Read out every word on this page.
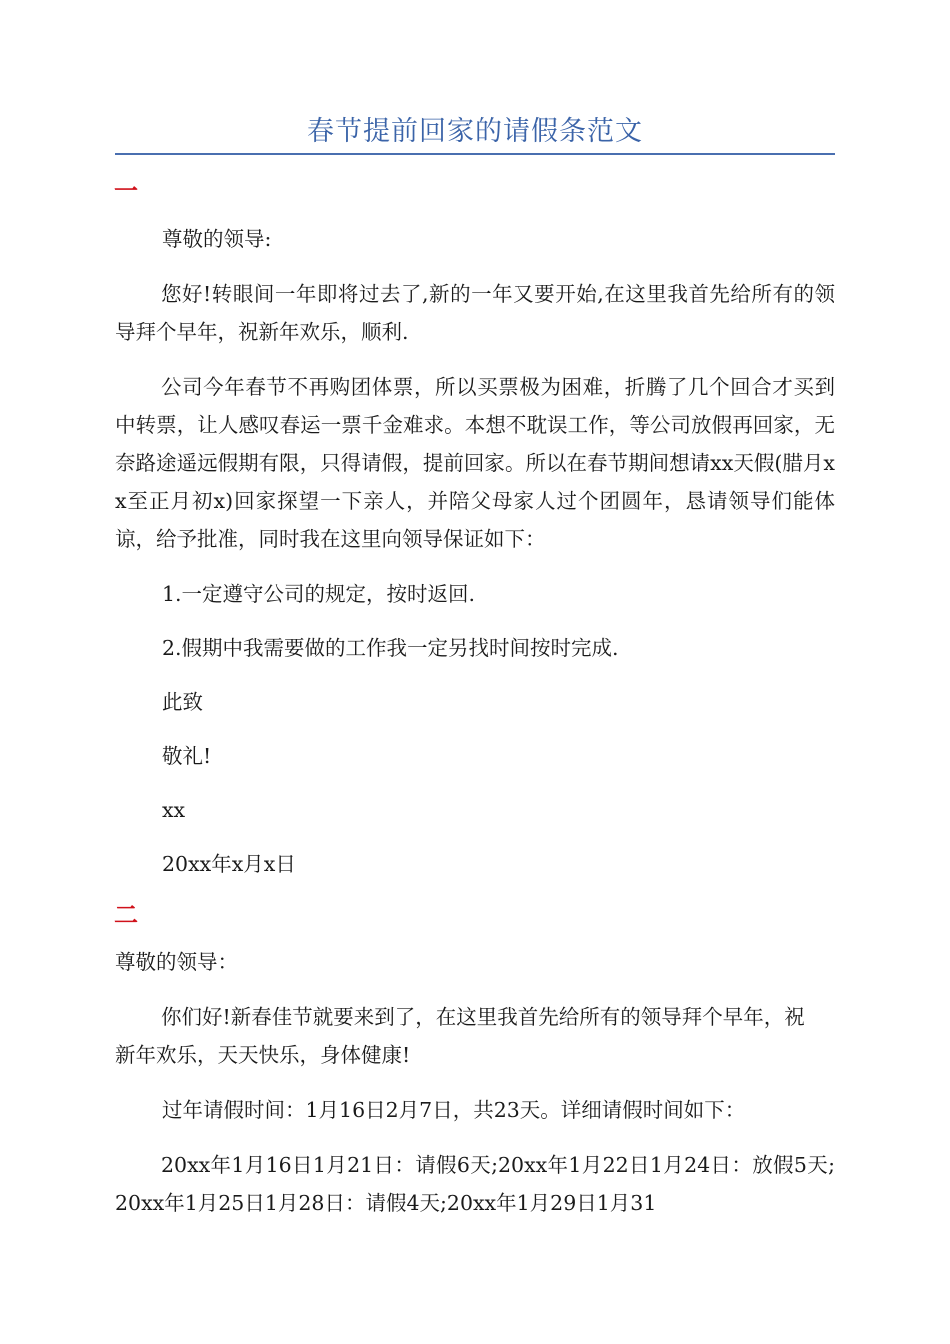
春节提前回家的请假条范文
一

尊敬的领导:

您好!转眼间一年即将过去了,新的一年又要开始,在这里我首先给所有的领导拜个早年，祝新年欢乐，顺利.

公司今年春节不再购团体票，所以买票极为困难，折腾了几个回合才买到中转票，让人感叹春运一票千金难求。本想不耽误工作，等公司放假再回家，无奈路途遥远假期有限，只得请假，提前回家。所以在春节期间想请xx天假(腊月xx至正月初x)回家探望一下亲人，并陪父母家人过个团圆年，恳请领导们能体谅，给予批准，同时我在这里向领导保证如下：

1.一定遵守公司的规定，按时返回.

2.假期中我需要做的工作我一定另找时间按时完成.

此致

敬礼!

xx

20xx年x月x日

二

尊敬的领导：

你们好!新春佳节就要来到了，在这里我首先给所有的领导拜个早年，祝新年欢乐，天天快乐，身体健康!

过年请假时间：1月16日2月7日，共23天。详细请假时间如下：

20xx年1月16日1月21日：请假6天;20xx年1月22日1月24日：放假5天;20xx年1月25日1月28日：请假4天;20xx年1月29日1月31
